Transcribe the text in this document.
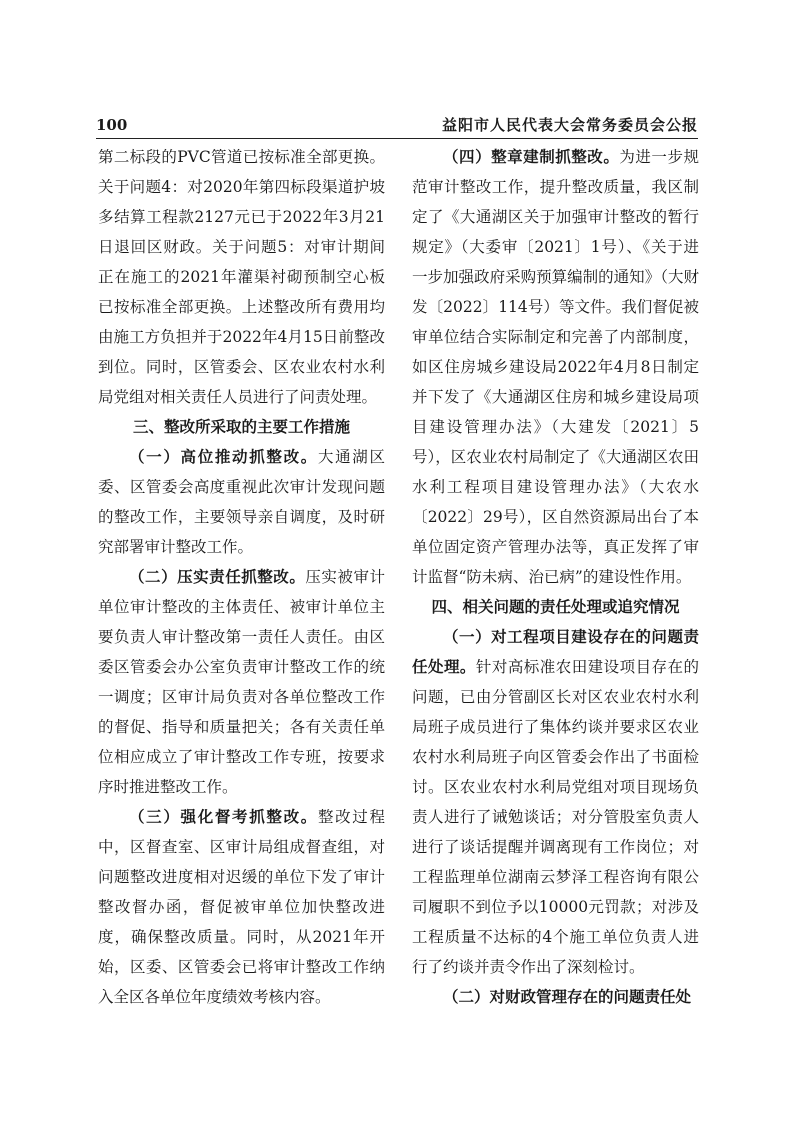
100	益阳市人民代表大会常务委员会公报

第二标段的PVC管道已按标准全部更换。关于问题4：对2020年第四标段渠道护坡多结算工程款2127元已于2022年3月21日退回区财政。关于问题5：对审计期间正在施工的2021年灌渠衬砌预制空心板已按标准全部更换。上述整改所有费用均由施工方负担并于2022年4月15日前整改到位。同时，区管委会、区农业农村水利局党组对相关责任人员进行了问责处理。

三、整改所采取的主要工作措施

（一）高位推动抓整改。大通湖区委、区管委会高度重视此次审计发现问题的整改工作，主要领导亲自调度，及时研究部署审计整改工作。

（二）压实责任抓整改。压实被审计单位审计整改的主体责任、被审计单位主要负责人审计整改第一责任人责任。由区委区管委会办公室负责审计整改工作的统一调度；区审计局负责对各单位整改工作的督促、指导和质量把关；各有关责任单位相应成立了审计整改工作专班，按要求序时推进整改工作。

（三）强化督考抓整改。整改过程中，区督查室、区审计局组成督查组，对问题整改进度相对迟缓的单位下发了审计整改督办函，督促被审单位加快整改进度，确保整改质量。同时，从2021年开始，区委、区管委会已将审计整改工作纳入全区各单位年度绩效考核内容。

（四）整章建制抓整改。为进一步规范审计整改工作，提升整改质量，我区制定了《大通湖区关于加强审计整改的暂行规定》（大委审〔2021〕1号）、《关于进一步加强政府采购预算编制的通知》（大财发〔2022〕114号）等文件。我们督促被审单位结合实际制定和完善了内部制度，如区住房城乡建设局2022年4月8日制定并下发了《大通湖区住房和城乡建设局项目建设管理办法》（大建发〔2021〕5号），区农业农村局制定了《大通湖区农田水利工程项目建设管理办法》（大农水〔2022〕29号），区自然资源局出台了本单位固定资产管理办法等，真正发挥了审计监督“防未病、治已病”的建设性作用。

四、相关问题的责任处理或追究情况

（一）对工程项目建设存在的问题责任处理。针对高标准农田建设项目存在的问题，已由分管副区长对区农业农村水利局班子成员进行了集体约谈并要求区农业农村水利局班子向区管委会作出了书面检讨。区农业农村水利局党组对项目现场负责人进行了诫勉谈话；对分管股室负责人进行了谈话提醒并调离现有工作岗位；对工程监理单位湖南云梦泽工程咨询有限公司履职不到位予以10000元罚款；对涉及工程质量不达标的4个施工单位负责人进行了约谈并责令作出了深刻检讨。

（二）对财政管理存在的问题责任处
